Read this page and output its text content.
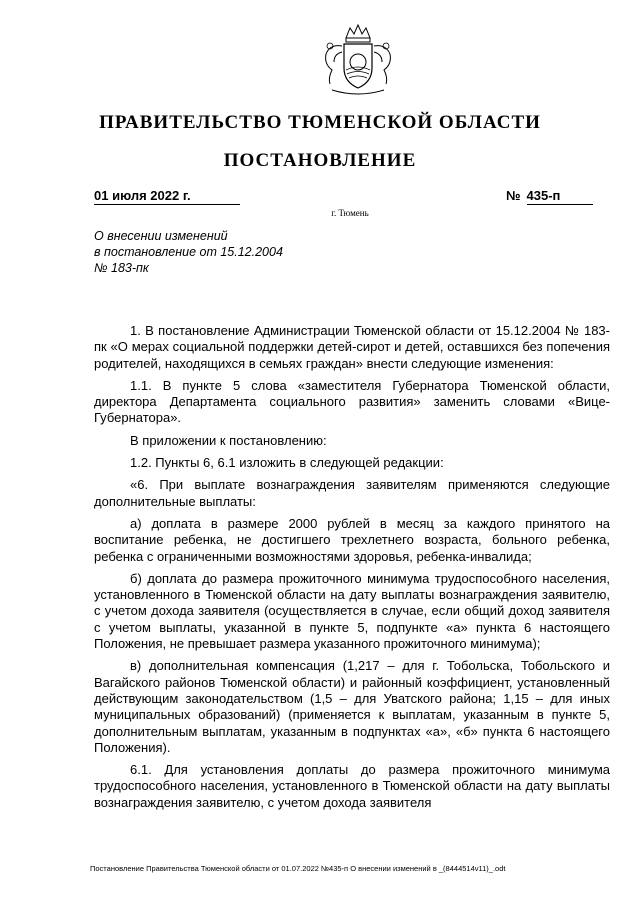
ПРАВИТЕЛЬСТВО ТЮМЕНСКОЙ ОБЛАСТИ
ПОСТАНОВЛЕНИЕ
01 июля 2022 г.	№ 435-п
г. Тюмень
О внесении изменений
в постановление от 15.12.2004
№ 183-пк

1. В постановление Администрации Тюменской области от 15.12.2004 № 183-пк «О мерах социальной поддержки детей-сирот и детей, оставшихся без попечения родителей, находящихся в семьях граждан» внести следующие изменения:

1.1. В пункте 5 слова «заместителя Губернатора Тюменской области, директора Департамента социального развития» заменить словами «Вице-Губернатора».

В приложении к постановлению:

1.2. Пункты 6, 6.1 изложить в следующей редакции:

«6. При выплате вознаграждения заявителям применяются следующие дополнительные выплаты:

а) доплата в размере 2000 рублей в месяц за каждого принятого на воспитание ребенка, не достигшего трехлетнего возраста, больного ребенка, ребенка с ограниченными возможностями здоровья, ребенка-инвалида;

б) доплата до размера прожиточного минимума трудоспособного населения, установленного в Тюменской области на дату выплаты вознаграждения заявителю, с учетом дохода заявителя (осуществляется в случае, если общий доход заявителя с учетом выплаты, указанной в пункте 5, подпункте «а» пункта 6 настоящего Положения, не превышает размера указанного прожиточного минимума);

в) дополнительная компенсация (1,217 – для г. Тобольска, Тобольского и Вагайского районов Тюменской области) и районный коэффициент, установленный действующим законодательством (1,5 – для Уватского района; 1,15 – для иных муниципальных образований) (применяется к выплатам, указанным в пункте 5, дополнительным выплатам, указанным в подпунктах «а», «б» пункта 6 настоящего Положения).

6.1. Для установления доплаты до размера прожиточного минимума трудоспособного населения, установленного в Тюменской области на дату выплаты вознаграждения заявителю, с учетом дохода заявителя

Постановление Правительства Тюменской области от 01.07.2022 №435-п О внесении изменений в _(8444514v11)_.odt
